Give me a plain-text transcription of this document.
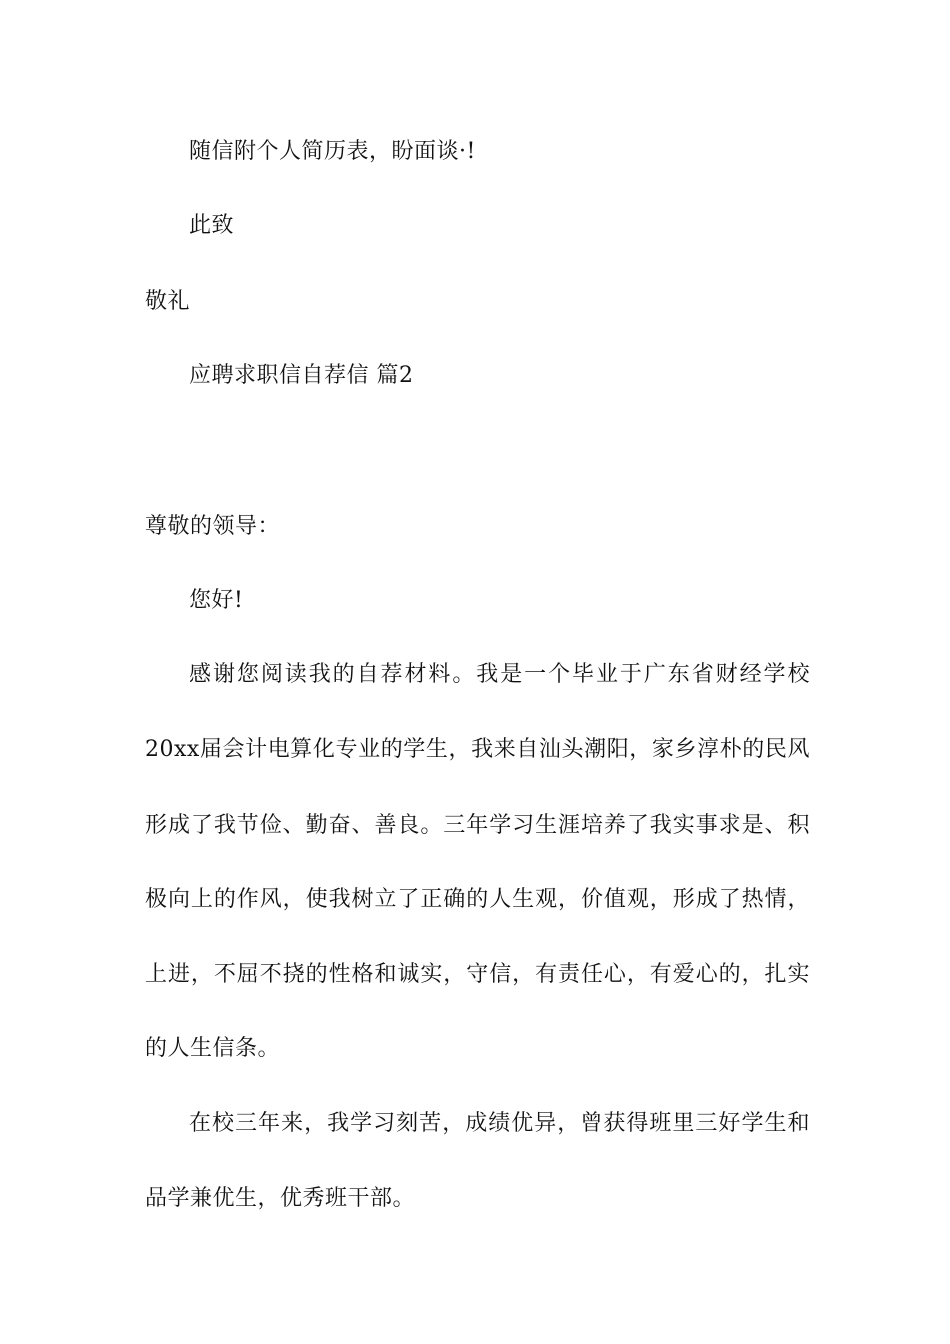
随信附个人简历表，盼面谈·!
此致
敬礼
应聘求职信自荐信 篇2
尊敬的领导：
您好!
感谢您阅读我的自荐材料。我是一个毕业于广东省财经学校
20xx届会计电算化专业的学生，我来自汕头潮阳，家乡淳朴的民风
形成了我节俭、勤奋、善良。三年学习生涯培养了我实事求是、积
极向上的作风，使我树立了正确的人生观，价值观，形成了热情，
上进，不屈不挠的性格和诚实，守信，有责任心，有爱心的，扎实
的人生信条。
在校三年来，我学习刻苦，成绩优异，曾获得班里三好学生和
品学兼优生，优秀班干部。
